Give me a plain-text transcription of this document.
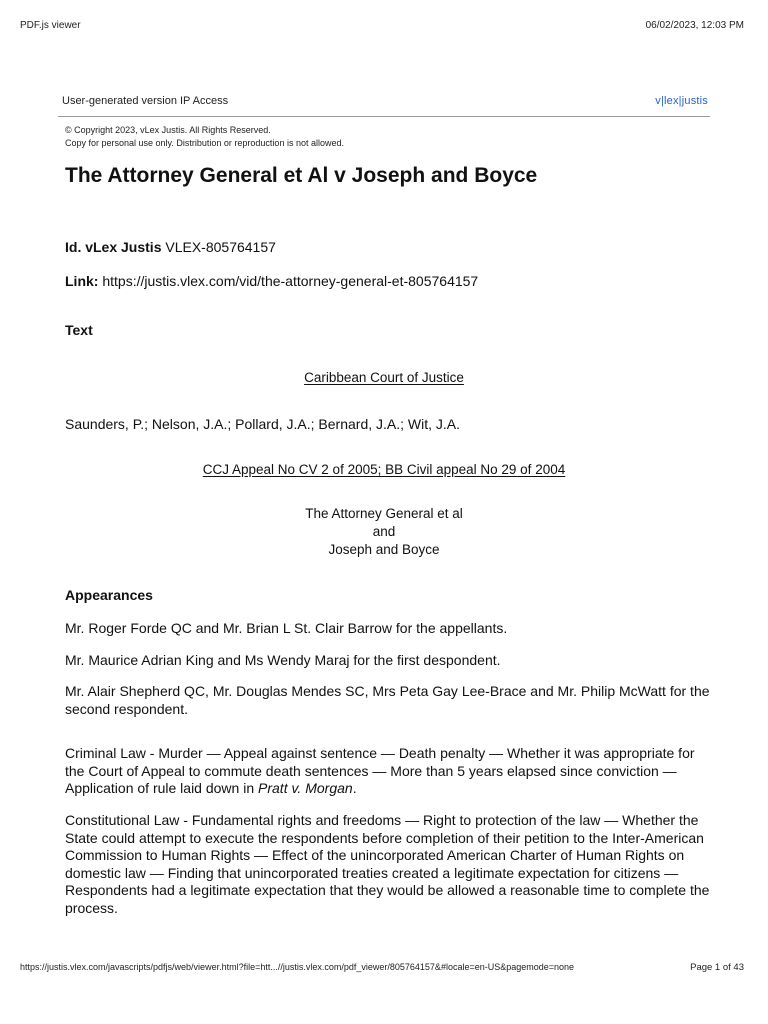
PDF.js viewer	06/02/2023, 12:03 PM
User-generated version IP Access	v|lex|justis
© Copyright 2023, vLex Justis. All Rights Reserved.
Copy for personal use only. Distribution or reproduction is not allowed.
The Attorney General et Al v Joseph and Boyce
Id. vLex Justis VLEX-805764157
Link: https://justis.vlex.com/vid/the-attorney-general-et-805764157
Text
Caribbean Court of Justice
Saunders, P.; Nelson, J.A.; Pollard, J.A.; Bernard, J.A.; Wit, J.A.
CCJ Appeal No CV 2 of 2005; BB Civil appeal No 29 of 2004
The Attorney General et al
and
Joseph and Boyce
Appearances
Mr. Roger Forde QC and Mr. Brian L St. Clair Barrow for the appellants.
Mr. Maurice Adrian King and Ms Wendy Maraj for the first despondent.
Mr. Alair Shepherd QC, Mr. Douglas Mendes SC, Mrs Peta Gay Lee-Brace and Mr. Philip McWatt for the second respondent.
Criminal Law - Murder — Appeal against sentence — Death penalty — Whether it was appropriate for the Court of Appeal to commute death sentences — More than 5 years elapsed since conviction — Application of rule laid down in Pratt v. Morgan.
Constitutional Law - Fundamental rights and freedoms — Right to protection of the law — Whether the State could attempt to execute the respondents before completion of their petition to the Inter-American Commission to Human Rights — Effect of the unincorporated American Charter of Human Rights on domestic law — Finding that unincorporated treaties created a legitimate expectation for citizens — Respondents had a legitimate expectation that they would be allowed a reasonable time to complete the process.
https://justis.vlex.com/javascripts/pdfjs/web/viewer.html?file=htt...//justis.vlex.com/pdf_viewer/805764157&#locale=en-US&pagemode=none	Page 1 of 43
